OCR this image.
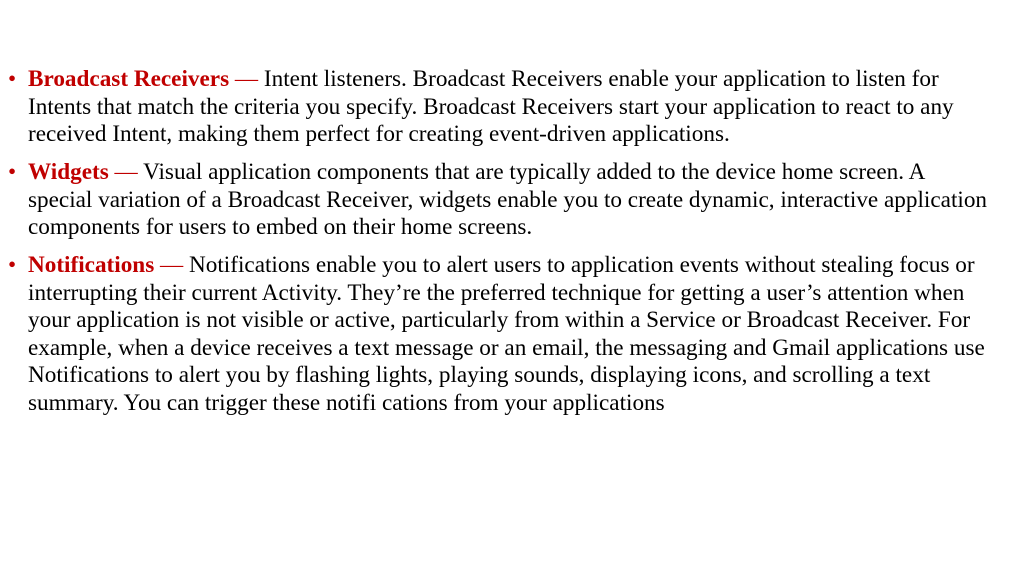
• Broadcast Receivers — Intent listeners. Broadcast Receivers enable your application to listen for Intents that match the criteria you specify. Broadcast Receivers start your application to react to any received Intent, making them perfect for creating event-driven applications.
• Widgets — Visual application components that are typically added to the device home screen. A special variation of a Broadcast Receiver, widgets enable you to create dynamic, interactive application components for users to embed on their home screens.
• Notifications — Notifications enable you to alert users to application events without stealing focus or interrupting their current Activity. They’re the preferred technique for getting a user’s attention when your application is not visible or active, particularly from within a Service or Broadcast Receiver. For example, when a device receives a text message or an email, the messaging and Gmail applications use Notifications to alert you by flashing lights, playing sounds, displaying icons, and scrolling a text summary. You can trigger these notifi cations from your applications
